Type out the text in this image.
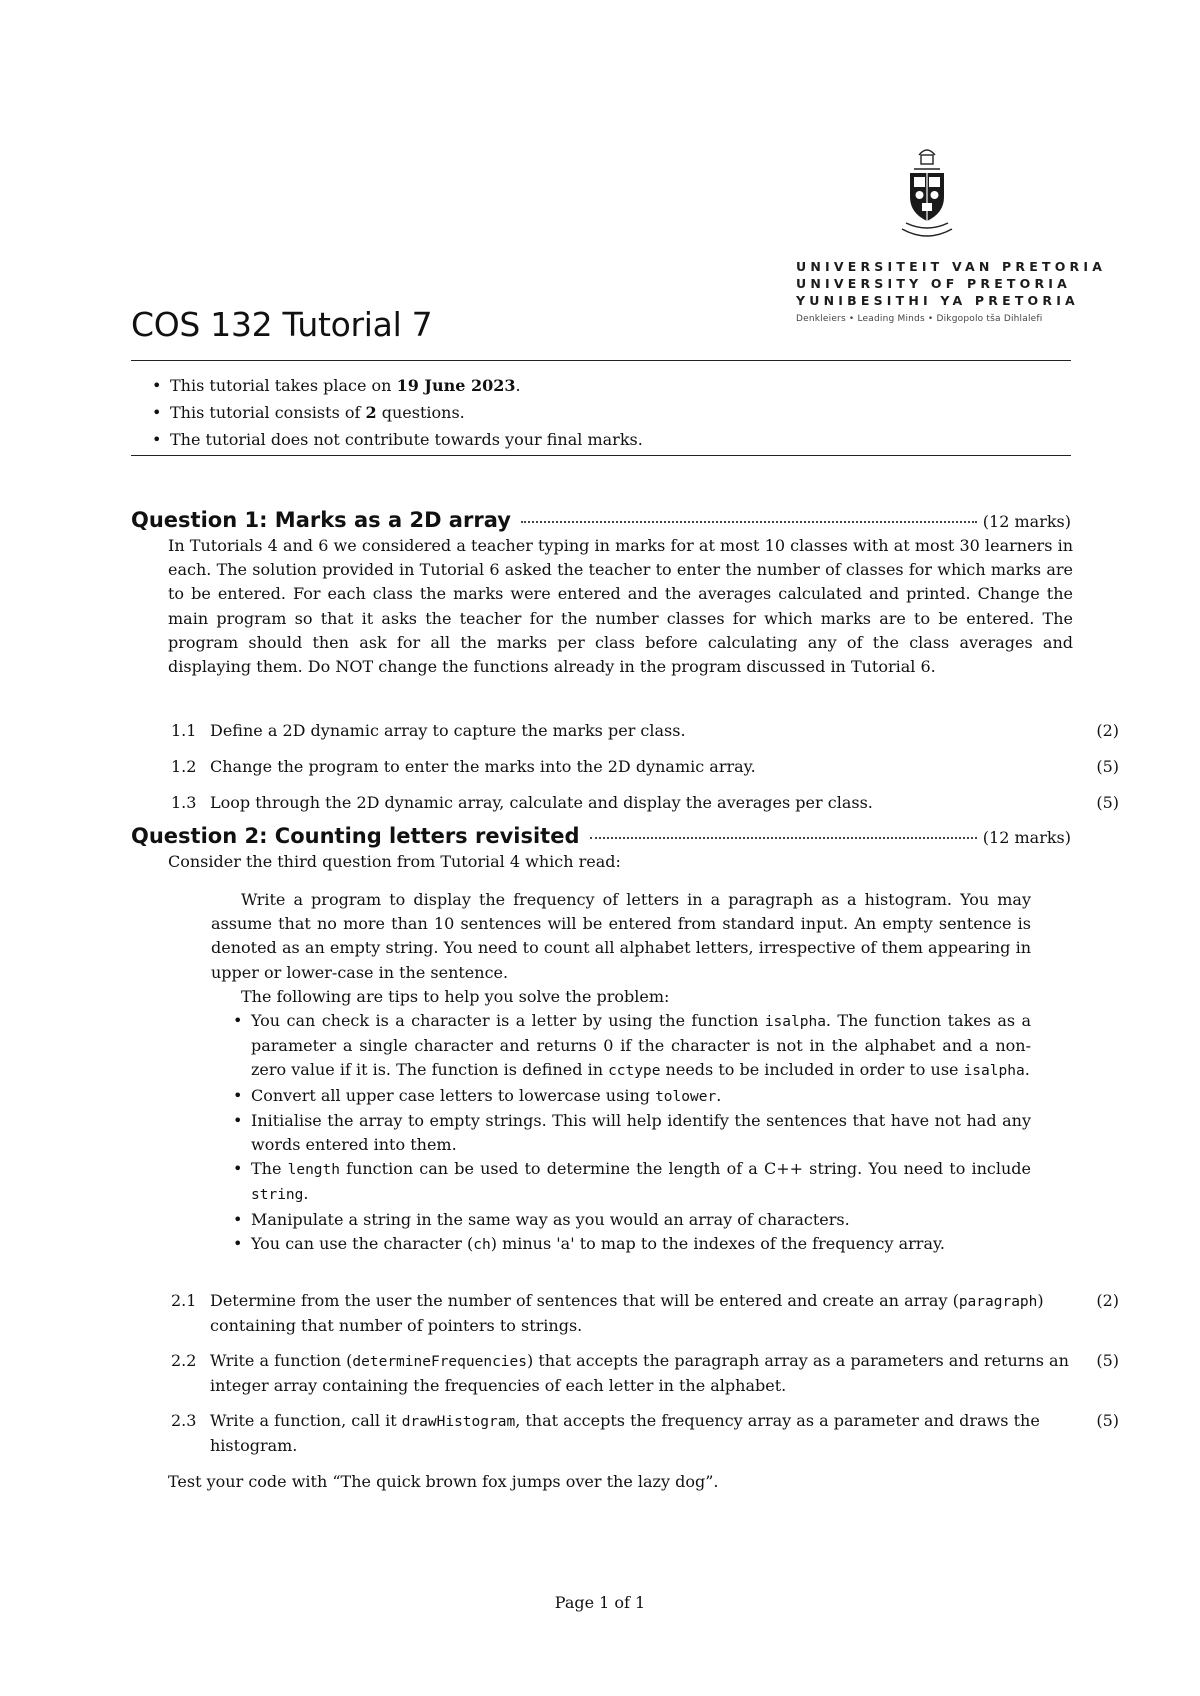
UNIVERSITEIT VAN PRETORIA
UNIVERSITY OF PRETORIA
YUNIBESITHI YA PRETORIA
Denkleiers • Leading Minds • Dikgopolo tša Dihlalefi
COS 132 Tutorial 7
• This tutorial takes place on 19 June 2023.
• This tutorial consists of 2 questions.
• The tutorial does not contribute towards your final marks.
Question 1: Marks as a 2D array	(12 marks)

In Tutorials 4 and 6 we considered a teacher typing in marks for at most 10 classes with at most 30 learners in each. The solution provided in Tutorial 6 asked the teacher to enter the number of classes for which marks are to be entered. For each class the marks were entered and the averages calculated and printed. Change the main program so that it asks the teacher for the number classes for which marks are to be entered. The program should then ask for all the marks per class before calculating any of the class averages and displaying them. Do NOT change the functions already in the program discussed in Tutorial 6.

1.1 Define a 2D dynamic array to capture the marks per class.	(2)
1.2 Change the program to enter the marks into the 2D dynamic array.	(5)
1.3 Loop through the 2D dynamic array, calculate and display the averages per class.	(5)
Question 2: Counting letters revisited	(12 marks)

Consider the third question from Tutorial 4 which read:

Write a program to display the frequency of letters in a paragraph as a histogram. You may assume that no more than 10 sentences will be entered from standard input. An empty sentence is denoted as an empty string. You need to count all alphabet letters, irrespective of them appearing in upper or lower-case in the sentence.

The following are tips to help you solve the problem:

• You can check is a character is a letter by using the function isalpha. The function takes as a parameter a single character and returns 0 if the character is not in the alphabet and a non-zero value if it is. The function is defined in cctype needs to be included in order to use isalpha.
• Convert all upper case letters to lowercase using tolower.
• Initialise the array to empty strings. This will help identify the sentences that have not had any words entered into them.
• The length function can be used to determine the length of a C++ string. You need to include string.
• Manipulate a string in the same way as you would an array of characters.
• You can use the character (ch) minus 'a' to map to the indexes of the frequency array.
2.1 Determine from the user the number of sentences that will be entered and create an array (paragraph) containing that number of pointers to strings.
(2)
2.2 Write a function (determineFrequencies) that accepts the paragraph array as a parameters and returns an integer array containing the frequencies of each letter in the alphabet.
(5)
2.3 Write a function, call it drawHistogram, that accepts the frequency array as a parameter and draws the histogram.
(5)

Test your code with “The quick brown fox jumps over the lazy dog”.

Page 1 of 1
